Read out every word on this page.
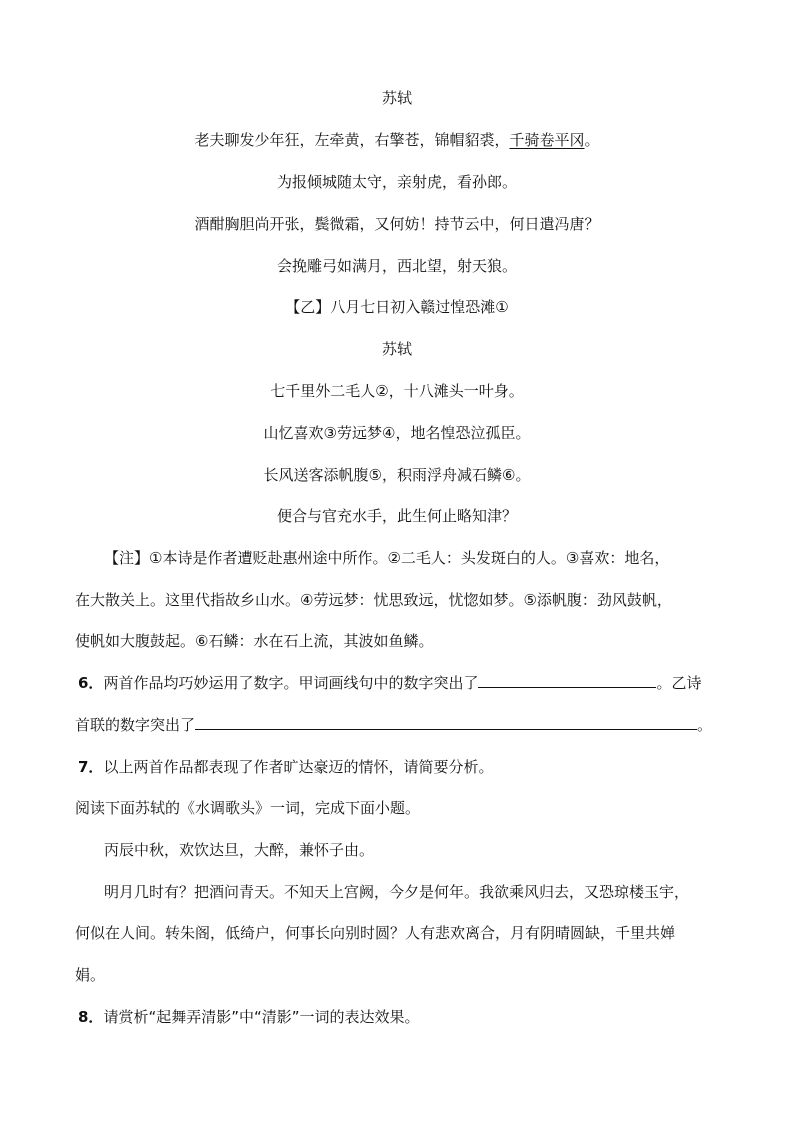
苏轼
老夫聊发少年狂，左牵黄，右擎苍，锦帽貂裘，千骑卷平冈。
为报倾城随太守，亲射虎，看孙郎。
酒酣胸胆尚开张，鬓微霜，又何妨！持节云中，何日遣冯唐？
会挽雕弓如满月，西北望，射天狼。
【乙】八月七日初入赣过惶恐滩①
苏轼
七千里外二毛人②，十八滩头一叶身。
山忆喜欢③劳远梦④，地名惶恐泣孤臣。
长风送客添帆腹⑤，积雨浮舟减石鳞⑥。
便合与官充水手，此生何止略知津？
【注】①本诗是作者遭贬赴惠州途中所作。②二毛人：头发斑白的人。③喜欢：地名，
在大散关上。这里代指故乡山水。④劳远梦：忧思致远，忧惚如梦。⑤添帆腹：劲风鼓帆，
使帆如大腹鼓起。⑥石鳞：水在石上流，其波如鱼鳞。
6．两首作品均巧妙运用了数字。甲词画线句中的数字突出了	。乙诗
首联的数字突出了	。
7．以上两首作品都表现了作者旷达豪迈的情怀，请简要分析。
阅读下面苏轼的《水调歌头》一词，完成下面小题。
丙辰中秋，欢饮达旦，大醉，兼怀子由。
明月几时有？把酒问青天。不知天上宫阙，今夕是何年。我欲乘风归去，又恐琼楼玉宇，
何似在人间。转朱阁，低绮户，何事长向别时圆？人有悲欢离合，月有阴晴圆缺，千里共婵
娟。
8．请赏析“起舞弄清影”中“清影”一词的表达效果。
